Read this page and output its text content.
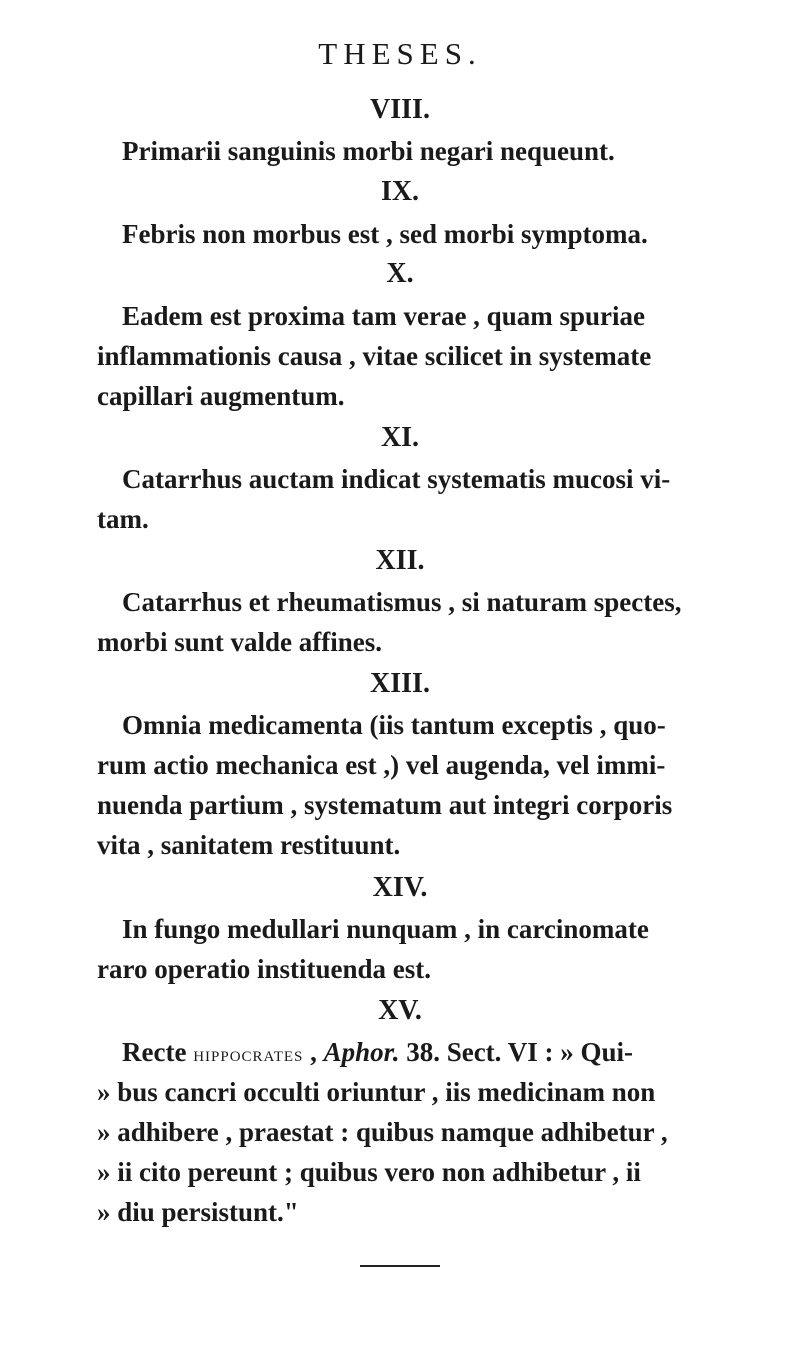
THESES.
VIII.
Primarii sanguinis morbi negari nequeunt.
IX.
Febris non morbus est , sed morbi symptoma.
X.
Eadem est proxima tam verae , quam spuriae
inflammationis causa , vitae scilicet in systemate
capillari augmentum.
XI.
Catarrhus auctam indicat systematis mucosi vi-
tam.
XII.
Catarrhus et rheumatismus , si naturam spectes,
morbi sunt valde affines.
XIII.
Omnia medicamenta (iis tantum exceptis , quo-
rum actio mechanica est ,) vel augenda, vel immi-
nuenda partium , systematum aut integri corporis
vita , sanitatem restituunt.
XIV.
In fungo medullari nunquam , in carcinomate
raro operatio instituenda est.
XV.
Recte hippocrates , Aphor. 38. Sect. VI : » Qui-
» bus cancri occulti oriuntur , iis medicinam non
» adhibere , praestat : quibus namque adhibetur ,
» ii cito pereunt ; quibus vero non adhibetur , ii
» diu persistunt."
